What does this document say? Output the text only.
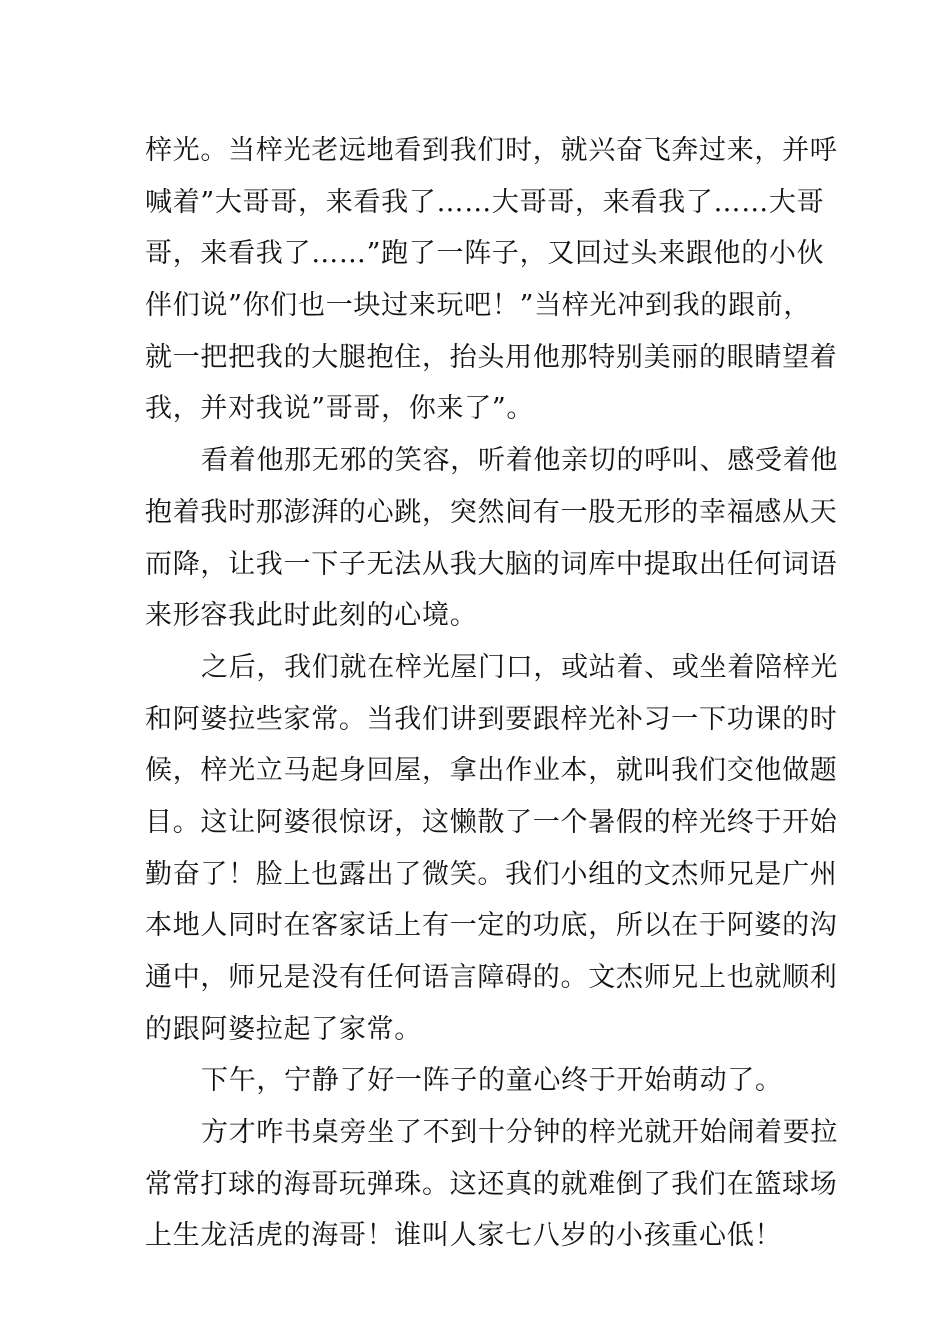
梓光。当梓光老远地看到我们时，就兴奋飞奔过来，并呼
喊着”大哥哥，来看我了……大哥哥，来看我了……大哥
哥，来看我了……”跑了一阵子，又回过头来跟他的小伙
伴们说”你们也一块过来玩吧！”当梓光冲到我的跟前，
就一把把我的大腿抱住，抬头用他那特别美丽的眼睛望着
我，并对我说”哥哥，你来了”。
看着他那无邪的笑容，听着他亲切的呼叫、感受着他
抱着我时那澎湃的心跳，突然间有一股无形的幸福感从天
而降，让我一下子无法从我大脑的词库中提取出任何词语
来形容我此时此刻的心境。
之后，我们就在梓光屋门口，或站着、或坐着陪梓光
和阿婆拉些家常。当我们讲到要跟梓光补习一下功课的时
候，梓光立马起身回屋，拿出作业本，就叫我们交他做题
目。这让阿婆很惊讶，这懒散了一个暑假的梓光终于开始
勤奋了！脸上也露出了微笑。我们小组的文杰师兄是广州
本地人同时在客家话上有一定的功底，所以在于阿婆的沟
通中，师兄是没有任何语言障碍的。文杰师兄上也就顺利
的跟阿婆拉起了家常。
下午，宁静了好一阵子的童心终于开始萌动了。
方才咋书桌旁坐了不到十分钟的梓光就开始闹着要拉
常常打球的海哥玩弹珠。这还真的就难倒了我们在篮球场
上生龙活虎的海哥！谁叫人家七八岁的小孩重心低！
